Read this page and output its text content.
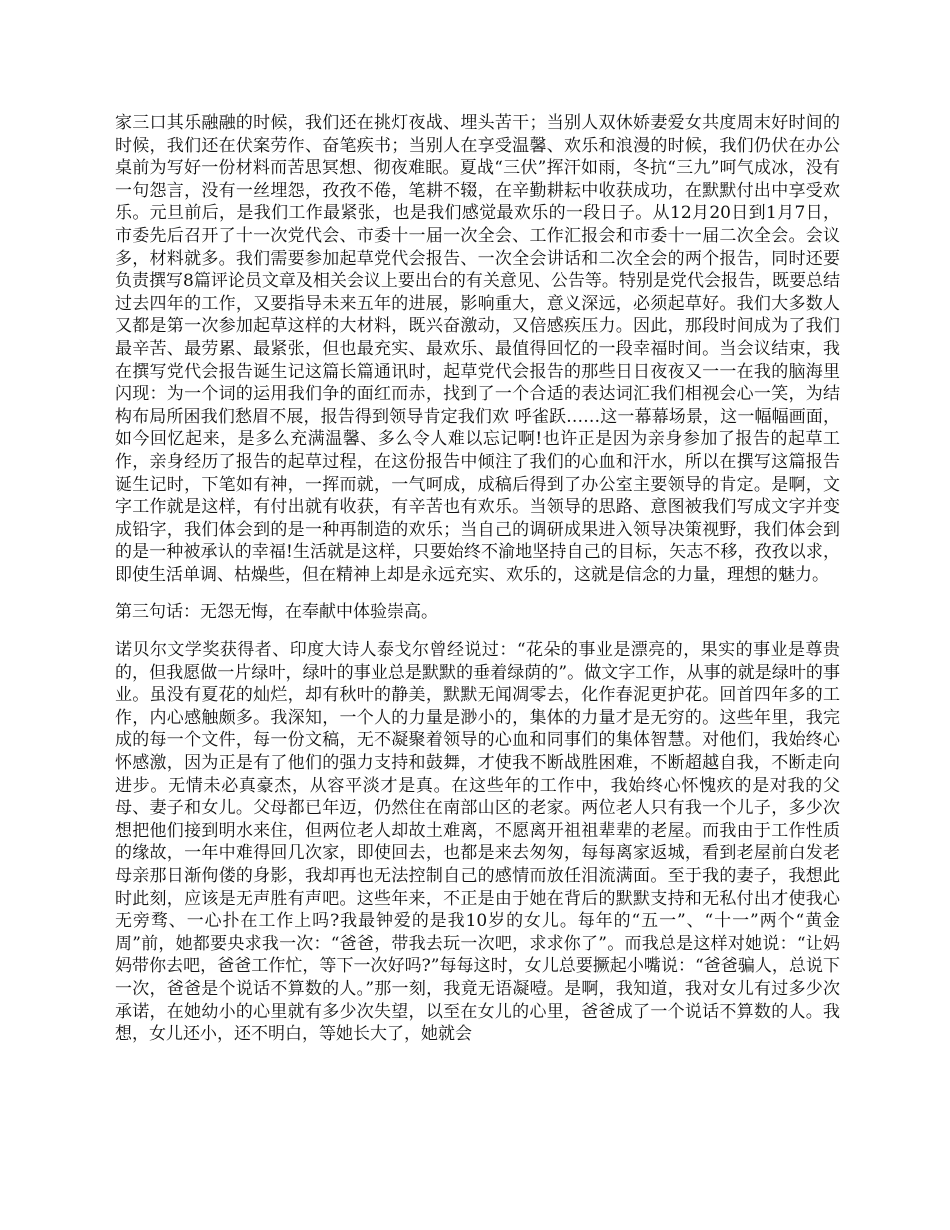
家三口其乐融融的时候，我们还在挑灯夜战、埋头苦干；当别人双休娇妻爱女共度周末好时间的时候，我们还在伏案劳作、奋笔疾书；当别人在享受温馨、欢乐和浪漫的时候，我们仍伏在办公桌前为写好一份材料而苦思冥想、彻夜难眠。夏战“三伏”挥汗如雨，冬抗“三九”呵气成冰，没有一句怨言，没有一丝埋怨，孜孜不倦，笔耕不辍，在辛勤耕耘中收获成功，在默默付出中享受欢乐。元旦前后，是我们工作最紧张，也是我们感觉最欢乐的一段日子。从12月20日到1月7日，市委先后召开了十一次党代会、市委十一届一次全会、工作汇报会和市委十一届二次全会。会议多，材料就多。我们需要参加起草党代会报告、一次全会讲话和二次全会的两个报告，同时还要负责撰写8篇评论员文章及相关会议上要出台的有关意见、公告等。特别是党代会报告，既要总结过去四年的工作，又要指导未来五年的进展，影响重大，意义深远，必须起草好。我们大多数人又都是第一次参加起草这样的大材料，既兴奋激动，又倍感疾压力。因此，那段时间成为了我们最辛苦、最劳累、最紧张，但也最充实、最欢乐、最值得回忆的一段幸福时间。当会议结束，我在撰写党代会报告诞生记这篇长篇通讯时，起草党代会报告的那些日日夜夜又一一在我的脑海里闪现：为一个词的运用我们争的面红而赤，找到了一个合适的表达词汇我们相视会心一笑，为结构布局所困我们愁眉不展，报告得到领导肯定我们欢 呼雀跃……这一幕幕场景，这一幅幅画面，如今回忆起来，是多么充满温馨、多么令人难以忘记啊!也许正是因为亲身参加了报告的起草工作，亲身经历了报告的起草过程，在这份报告中倾注了我们的心血和汗水，所以在撰写这篇报告诞生记时，下笔如有神，一挥而就，一气呵成，成稿后得到了办公室主要领导的肯定。是啊，文字工作就是这样，有付出就有收获，有辛苦也有欢乐。当领导的思路、意图被我们写成文字并变成铅字，我们体会到的是一种再制造的欢乐；当自己的调研成果进入领导决策视野，我们体会到的是一种被承认的幸福!生活就是这样，只要始终不渝地坚持自己的目标，矢志不移，孜孜以求，即使生活单调、枯燥些，但在精神上却是永远充实、欢乐的，这就是信念的力量，理想的魅力。

第三句话：无怨无悔，在奉献中体验崇高。

诺贝尔文学奖获得者、印度大诗人泰戈尔曾经说过：“花朵的事业是漂亮的，果实的事业是尊贵的，但我愿做一片绿叶，绿叶的事业总是默默的垂着绿荫的”。做文字工作，从事的就是绿叶的事业。虽没有夏花的灿烂，却有秋叶的静美，默默无闻凋零去，化作春泥更护花。回首四年多的工作，内心感触颇多。我深知，一个人的力量是渺小的，集体的力量才是无穷的。这些年里，我完成的每一个文件，每一份文稿，无不凝聚着领导的心血和同事们的集体智慧。对他们，我始终心怀感激，因为正是有了他们的强力支持和鼓舞，才使我不断战胜困难，不断超越自我，不断走向进步。无情未必真豪杰，从容平淡才是真。在这些年的工作中，我始终心怀愧疚的是对我的父母、妻子和女儿。父母都已年迈，仍然住在南部山区的老家。两位老人只有我一个儿子，多少次想把他们接到明水来住，但两位老人却故土难离，不愿离开祖祖辈辈的老屋。而我由于工作性质的缘故，一年中难得回几次家，即使回去，也都是来去匆匆，每每离家返城，看到老屋前白发老母亲那日渐佝偻的身影，我却再也无法控制自己的感情而放任泪流满面。至于我的妻子，我想此时此刻，应该是无声胜有声吧。这些年来，不正是由于她在背后的默默支持和无私付出才使我心无旁骛、一心扑在工作上吗?我最钟爱的是我10岁的女儿。每年的“五一”、“十一”两个“黄金周”前，她都要央求我一次：“爸爸，带我去玩一次吧，求求你了”。而我总是这样对她说：“让妈妈带你去吧，爸爸工作忙，等下一次好吗?”每每这时，女儿总要撅起小嘴说：“爸爸骗人，总说下一次，爸爸是个说话不算数的人。”那一刻，我竟无语凝噎。是啊，我知道，我对女儿有过多少次承诺，在她幼小的心里就有多少次失望，以至在女儿的心里，爸爸成了一个说话不算数的人。我想，女儿还小，还不明白，等她长大了，她就会
